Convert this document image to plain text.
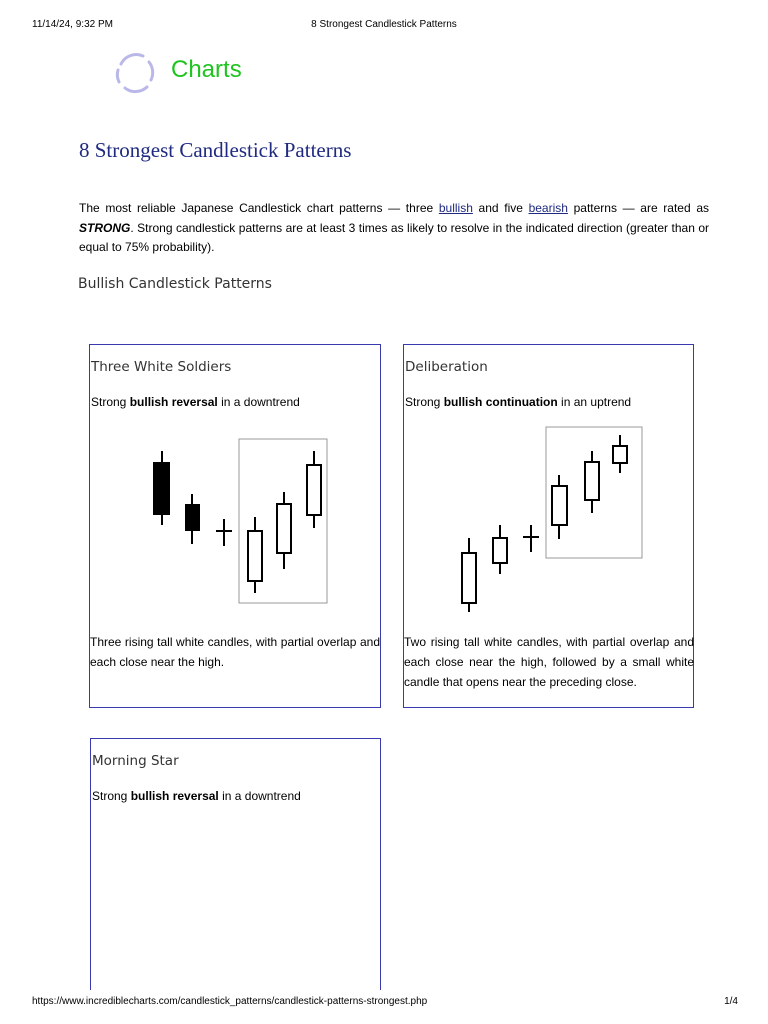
11/14/24, 9:32 PM	8 Strongest Candlestick Patterns
Charts
8 Strongest Candlestick Patterns
The most reliable Japanese Candlestick chart patterns — three bullish and five bearish patterns — are rated as STRONG. Strong candlestick patterns are at least 3 times as likely to resolve in the indicated direction (greater than or equal to 75% probability).
Bullish Candlestick Patterns
Three White Soldiers
Strong bullish reversal in a downtrend
Three rising tall white candles, with partial overlap and each close near the high.
Deliberation
Strong bullish continuation in an uptrend
Two rising tall white candles, with partial overlap and each close near the high, followed by a small white candle that opens near the preceding close.
Morning Star
Strong bullish reversal in a downtrend
https://www.incrediblecharts.com/candlestick_patterns/candlestick-patterns-strongest.php	1/4
